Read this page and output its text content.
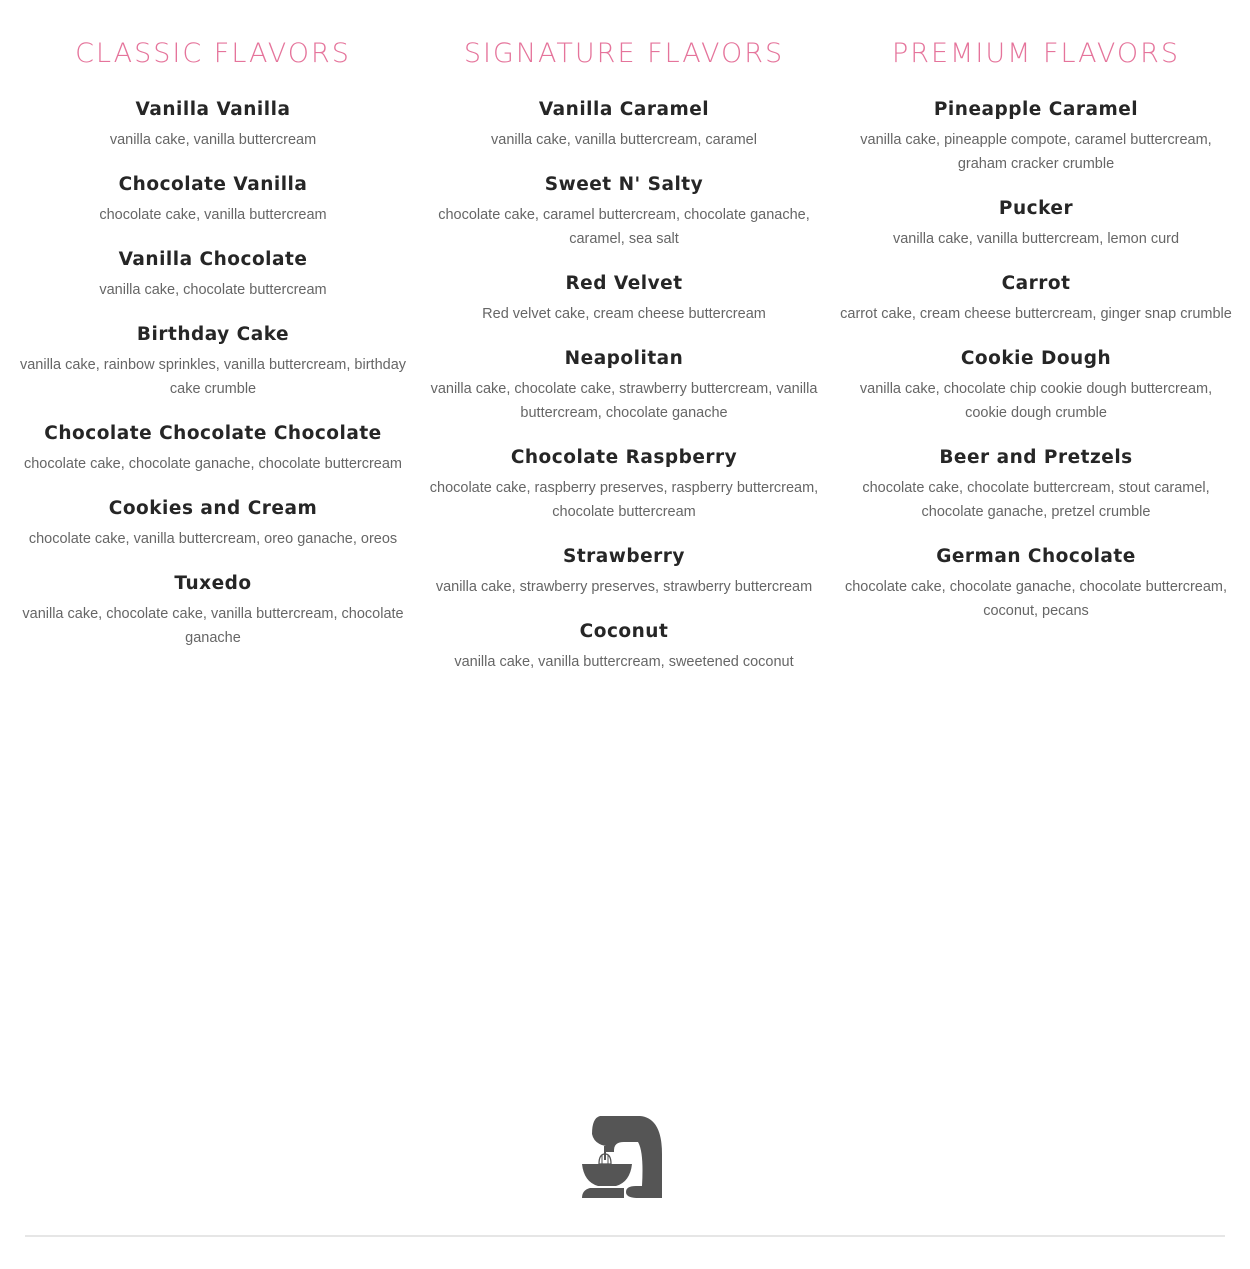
CLASSIC FLAVORS
Vanilla Vanilla

vanilla cake, vanilla buttercream

Chocolate Vanilla

chocolate cake, vanilla buttercream

Vanilla Chocolate

vanilla cake, chocolate buttercream

Birthday Cake

vanilla cake, rainbow sprinkles, vanilla buttercream, birthday cake crumble

Chocolate Chocolate Chocolate

chocolate cake, chocolate ganache, chocolate buttercream

Cookies and Cream

chocolate cake, vanilla buttercream, oreo ganache, oreos

Tuxedo

vanilla cake, chocolate cake, vanilla buttercream, chocolate ganache

SIGNATURE FLAVORS
Vanilla Caramel

vanilla cake, vanilla buttercream, caramel

Sweet N' Salty

chocolate cake, caramel buttercream, chocolate ganache, caramel, sea salt

Red Velvet

Red velvet cake, cream cheese buttercream

Neapolitan

vanilla cake, chocolate cake, strawberry buttercream, vanilla buttercream, chocolate ganache

Chocolate Raspberry

chocolate cake, raspberry preserves, raspberry buttercream, chocolate buttercream

Strawberry

vanilla cake, strawberry preserves, strawberry buttercream

Coconut

vanilla cake, vanilla buttercream, sweetened coconut

PREMIUM FLAVORS
Pineapple Caramel

vanilla cake, pineapple compote, caramel buttercream, graham cracker crumble

Pucker

vanilla cake, vanilla buttercream, lemon curd

Carrot

carrot cake, cream cheese buttercream, ginger snap crumble

Cookie Dough

vanilla cake, chocolate chip cookie dough buttercream, cookie dough crumble

Beer and Pretzels

chocolate cake, chocolate buttercream, stout caramel, chocolate ganache, pretzel crumble

German Chocolate

chocolate cake, chocolate ganache, chocolate buttercream, coconut, pecans
